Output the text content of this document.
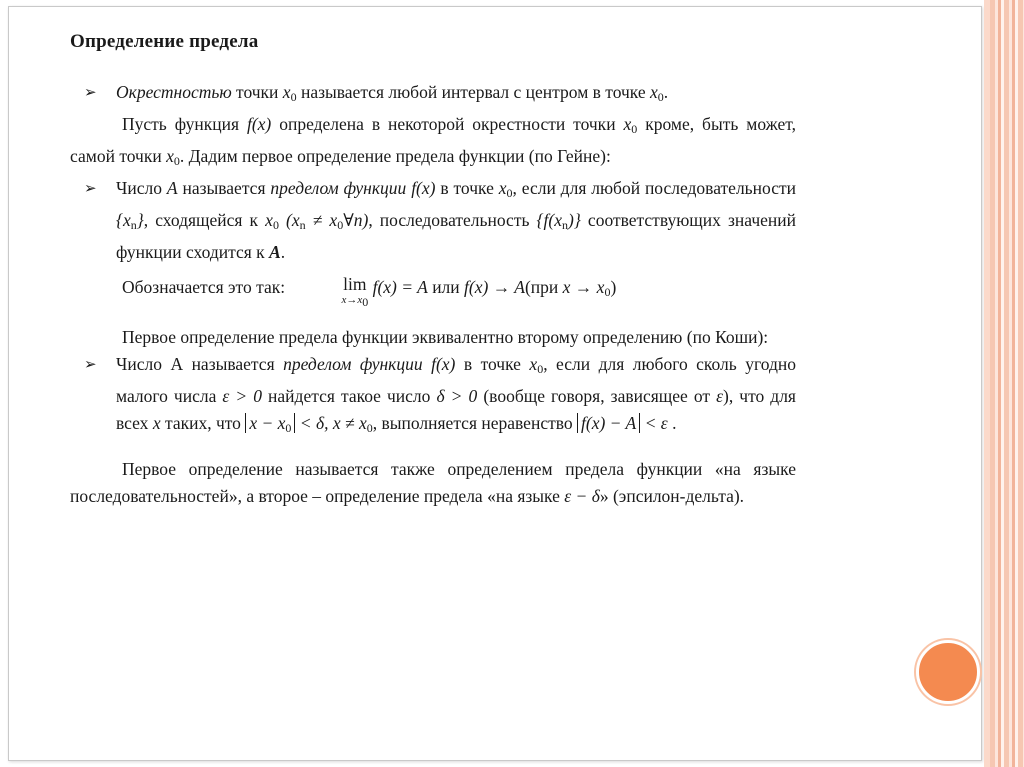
Определение предела

➢ Окрестностью точки $x_0$ называется любой интервал с центром в точке $x_0$.

Пусть функция f(x) определена в некоторой окрестности точки $x_0$ кроме, быть может, самой точки $x_0$. Дадим первое определение предела функции (по Гейне):

➢ Число A называется пределом функции f(x) в точке $x_0$, если для любой последовательности $\{x_n\}$, сходящейся к $x_0$ ($x_n$ ≠ $x_0\forall n$), последовательность $\{f(x_n)\}$ соответствующих значений функции сходится к A.

Обозначается это так:	lim
x→x0
f(x) = A или f(x) → A(при $x \to x_0$)

Первое определение предела функции эквивалентно второму определению (по Коши):

➢ Число А называется пределом функции f(x) в точке $x_0$, если для любого сколь угодно малого числа ε > 0 найдется такое число δ > 0 (вообще говоря, зависящее от ε), что для всех x таких, что $x - x_0 < \delta$, $x \ne x_0$, выполняется неравенство f(x) − A < ε .

Первое определение называется также определением предела функции «на языке последовательностей», а второе – определение предела «на языке ε − δ» (эпсилон-дельта).
